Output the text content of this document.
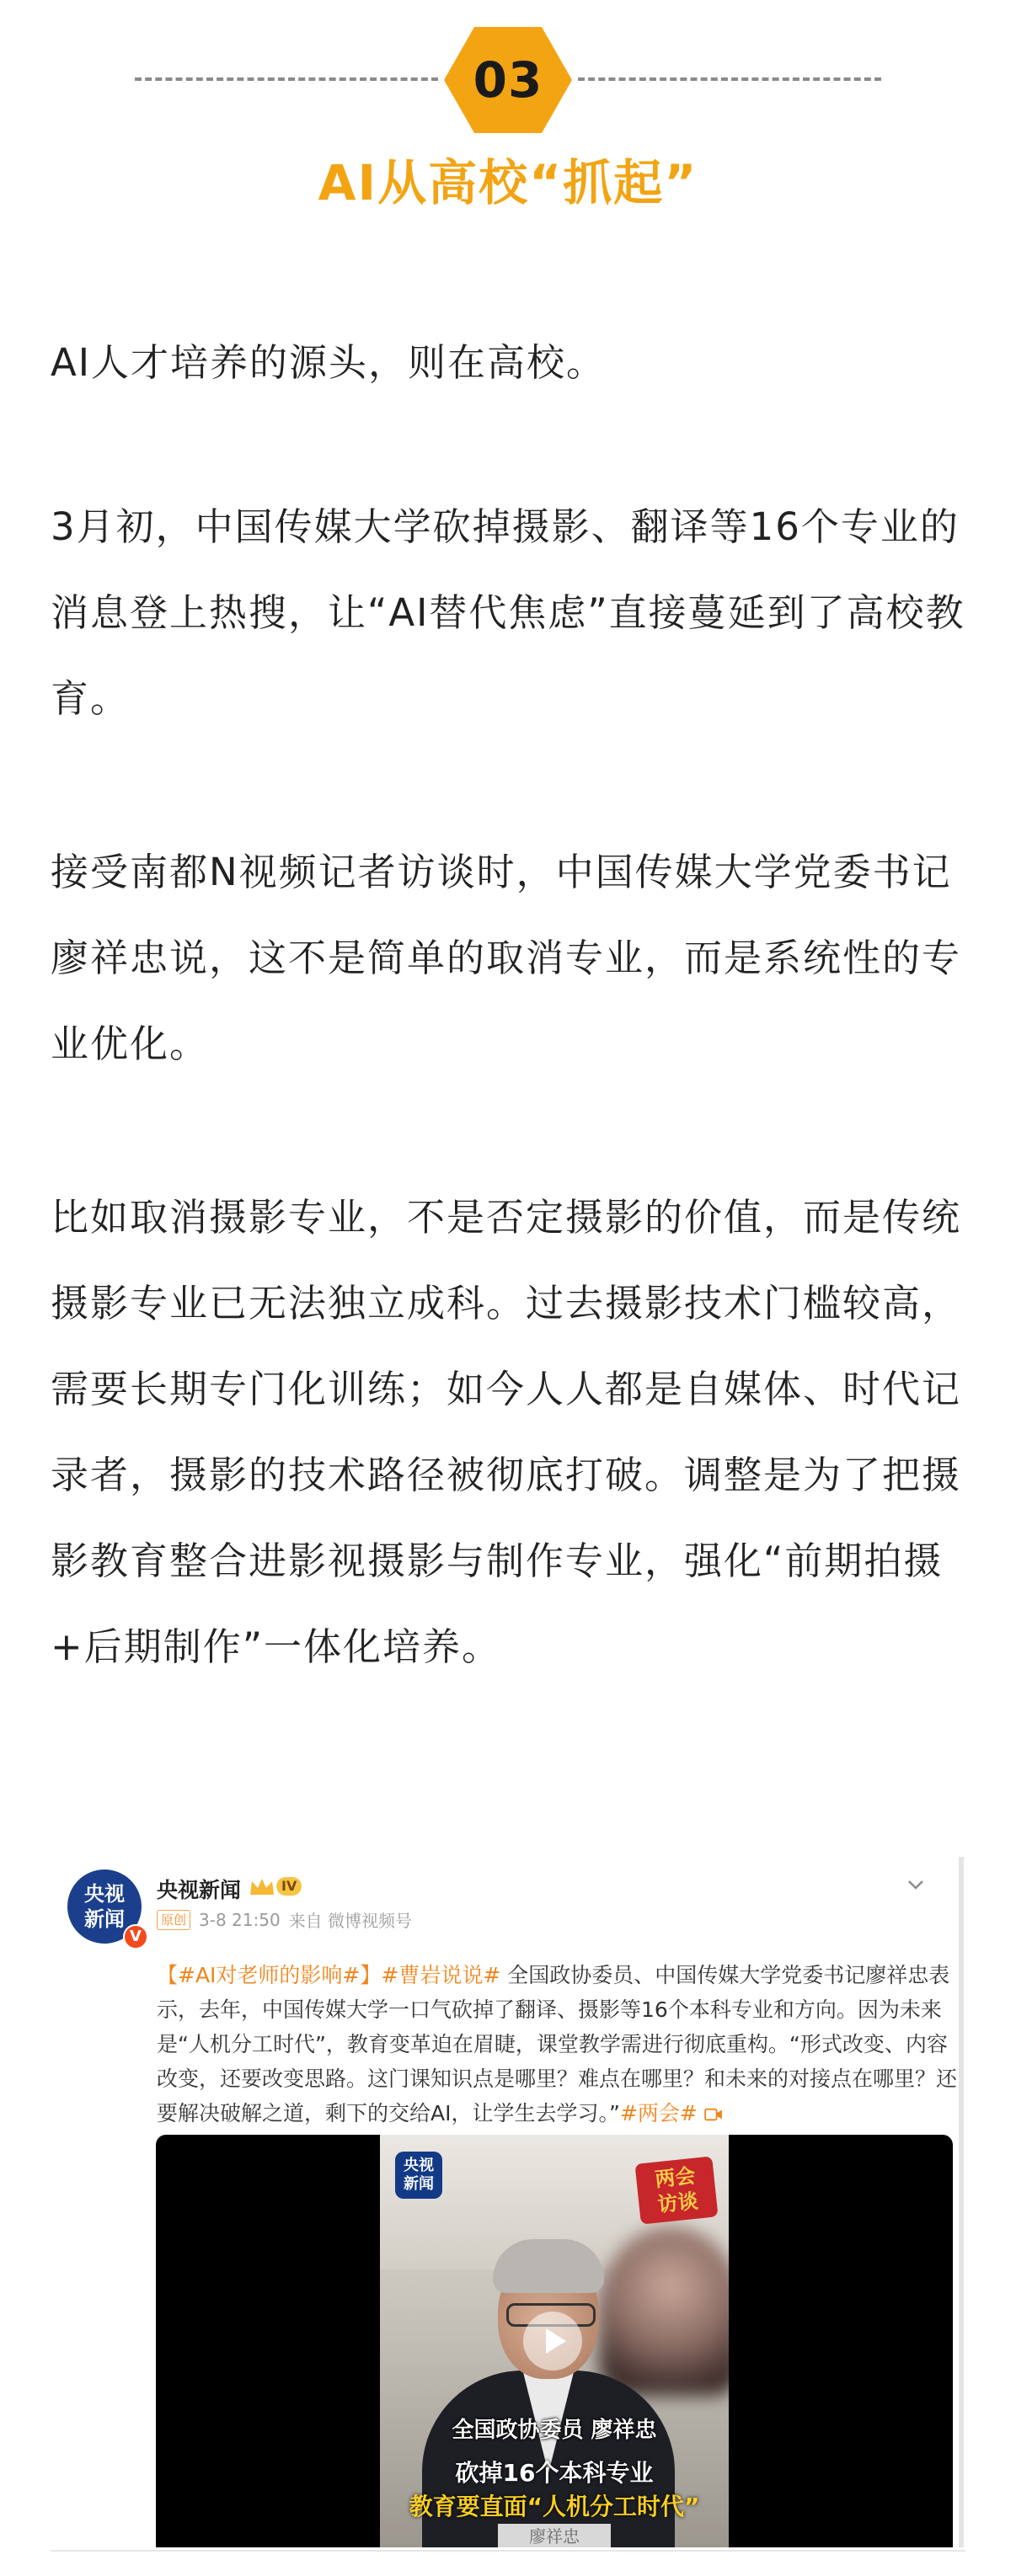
03
AI从高校“抓起”

AI人才培养的源头，则在高校。

3月初，中国传媒大学砍掉摄影、翻译等16个专业的消息登上热搜，让“AI替代焦虑”直接蔓延到了高校教育。

接受南都N视频记者访谈时，中国传媒大学党委书记廖祥忠说，这不是简单的取消专业，而是系统性的专业优化。

比如取消摄影专业，不是否定摄影的价值，而是传统摄影专业已无法独立成科。过去摄影技术门槛较高，需要长期专门化训练；如今人人都是自媒体、时代记录者，摄影的技术路径被彻底打破。调整是为了把摄影教育整合进影视摄影与制作专业，强化“前期拍摄+后期制作”一体化培养。

央视
新闻
V
央视新闻	IV
原创 3-8 21:50 来自 微博视频号
【#AI对老师的影响#】#曹岩说说# 全国政协委员、中国传媒大学党委书记廖祥忠表示，去年，中国传媒大学一口气砍掉了翻译、摄影等16个本科专业和方向。因为未来是“人机分工时代”，教育变革迫在眉睫，课堂教学需进行彻底重构。“形式改变、内容改变，还要改变思路。这门课知识点是哪里？难点在哪里？和未来的对接点在哪里？还要解决破解之道，剩下的交给AI，让学生去学习。”#两会#

央视
新闻	两会
访谈
全国政协委员 廖祥忠
砍掉16个本科专业
教育要直面“人机分工时代”
廖祥忠
